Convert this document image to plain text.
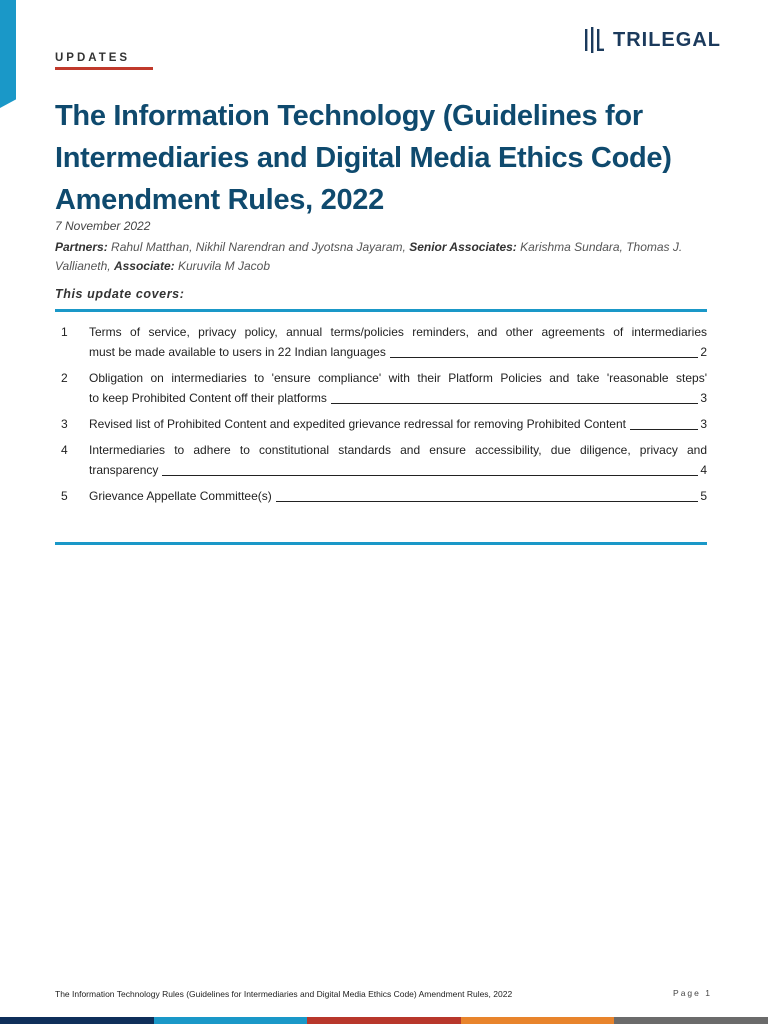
UPDATES
TRILEGAL
The Information Technology (Guidelines for Intermediaries and Digital Media Ethics Code) Amendment Rules, 2022
7 November 2022
Partners: Rahul Matthan, Nikhil Narendran and Jyotsna Jayaram, Senior Associates: Karishma Sundara, Thomas J. Vallianeth, Associate: Kuruvila M Jacob
This update covers:
1	Terms of service, privacy policy, annual terms/policies reminders, and other agreements of intermediaries
must be made available to users in 22 Indian languages	2
2	Obligation on intermediaries to 'ensure compliance' with their Platform Policies and take 'reasonable steps'
to keep Prohibited Content off their platforms	3
3	Revised list of Prohibited Content and expedited grievance redressal for removing Prohibited Content	3
4	Intermediaries to adhere to constitutional standards and ensure accessibility, due diligence, privacy and
transparency	4
5	Grievance Appellate Committee(s)	5
The Information Technology Rules (Guidelines for Intermediaries and Digital Media Ethics Code) Amendment Rules, 2022	Page 1
